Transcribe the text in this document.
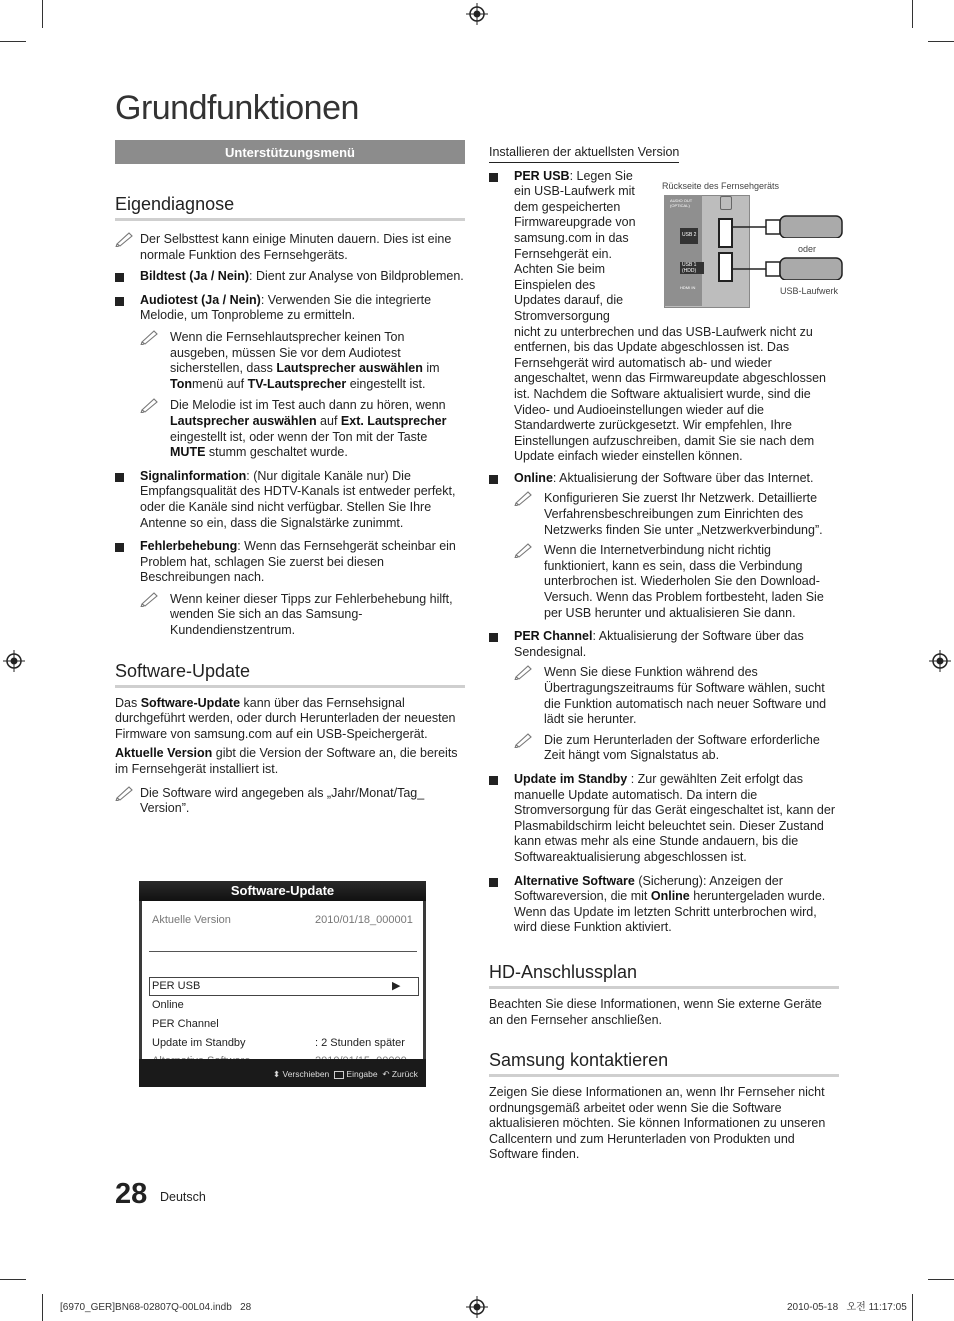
Grundfunktionen
Unterstützungsmenü
Eigendiagnose

Der Selbsttest kann einige Minuten dauern. Dies ist eine normale Funktion des Fernsehgeräts.

Bildtest (Ja / Nein): Dient zur Analyse von Bildproblemen.

Audiotest (Ja / Nein): Verwenden Sie die integrierte Melodie, um Tonprobleme zu ermitteln.

Wenn die Fernsehlautsprecher keinen Ton ausgeben, müssen Sie vor dem Audiotest sicherstellen, dass Lautsprecher auswählen im Tonmenü auf TV-Lautsprecher eingestellt ist.

Die Melodie ist im Test auch dann zu hören, wenn Lautsprecher auswählen auf Ext. Lautsprecher eingestellt ist, oder wenn der Ton mit der Taste MUTE stumm geschaltet wurde.

Signalinformation: (Nur digitale Kanäle nur) Die Empfangsqualität des HDTV-Kanals ist entweder perfekt, oder die Kanäle sind nicht verfügbar. Stellen Sie Ihre Antenne so ein, dass die Signalstärke zunimmt.

Fehlerbehebung: Wenn das Fernsehgerät scheinbar ein Problem hat, schlagen Sie zuerst bei diesen Beschreibungen nach.

Wenn keiner dieser Tipps zur Fehlerbehebung hilft, wenden Sie sich an das Samsung-Kundendienstzentrum.

Software-Update

Das Software-Update kann über das Fernsehsignal durchgeführt werden, oder durch Herunterladen der neuesten Firmware von samsung.com auf ein USB-Speichergerät.

Aktuelle Version gibt die Version der Software an, die bereits im Fernsehgerät installiert ist.

Die Software wird angegeben als „Jahr/Monat/Tag_ Version”.

Software-Update
Aktuelle Version	2010/01/18_000001
PER USB	▶
Online
PER Channel
Update im Standby	: 2 Stunden später
⬍ Verschieben Eingabe ↶ Zurück

Installieren der aktuellsten Version

PER USB: Legen Sie ein USB-Laufwerk mit dem gespeicherten Firmwareupgrade von samsung.com in das Fernsehgerät ein. Achten Sie beim Einspielen des Updates darauf, die Stromversorgung

nicht zu unterbrechen und das USB-Laufwerk nicht zu entfernen, bis das Update abgeschlossen ist. Das Fernsehgerät wird automatisch ab- und wieder angeschaltet, wenn das Firmwareupdate abgeschlossen ist. Nachdem die Software aktualisiert wurde, sind die Video- und Audioeinstellungen wieder auf die Standardwerte zurückgesetzt. Wir empfehlen, Ihre Einstellungen aufzuschreiben, damit Sie sie nach dem Update einfach wieder einstellen können.

Online: Aktualisierung der Software über das Internet.

Konfigurieren Sie zuerst Ihr Netzwerk. Detaillierte Verfahrensbeschreibungen zum Einrichten des Netzwerks finden Sie unter „Netzwerkverbindung”.

Wenn die Internetverbindung nicht richtig funktioniert, kann es sein, dass die Verbindung unterbrochen ist. Wiederholen Sie den Download-Versuch. Wenn das Problem fortbesteht, laden Sie per USB herunter und aktualisieren Sie dann.

PER Channel: Aktualisierung der Software über das Sendesignal.

Wenn Sie diese Funktion während des Übertragungszeitraums für Software wählen, sucht die Funktion automatisch nach neuer Software und lädt sie herunter.

Die zum Herunterladen der Software erforderliche Zeit hängt vom Signalstatus ab.

Update im Standby : Zur gewählten Zeit erfolgt das manuelle Update automatisch. Da intern die Stromversorgung für das Gerät eingeschaltet ist, kann der Plasmabildschirm leicht beleuchtet sein. Dieser Zustand kann etwas mehr als eine Stunde andauern, bis die Softwareaktualisierung abgeschlossen ist.

Alternative Software (Sicherung): Anzeigen der Softwareversion, die mit Online heruntergeladen wurde. Wenn das Update im letzten Schritt unterbrochen wird, wird diese Funktion aktiviert.

HD-Anschlussplan

Beachten Sie diese Informationen, wenn Sie externe Geräte an den Fernseher anschließen.

Samsung kontaktieren

Zeigen Sie diese Informationen an, wenn Ihr Fernseher nicht ordnungsgemäß arbeitet oder wenn Sie die Software aktualisieren möchten. Sie können Informationen zu unseren Callcentern und zum Herunterladen von Produkten und Software finden.

Rückseite des Fernsehgeräts
AUDIO OUT (OPTICAL)
USB 2
USB 1 (HDD)
HDMI IN
oder
USB-Laufwerk
28 Deutsch
[6970_GER]BN68-02807Q-00L04.indb   28	2010-05-18   오전 11:17:05
